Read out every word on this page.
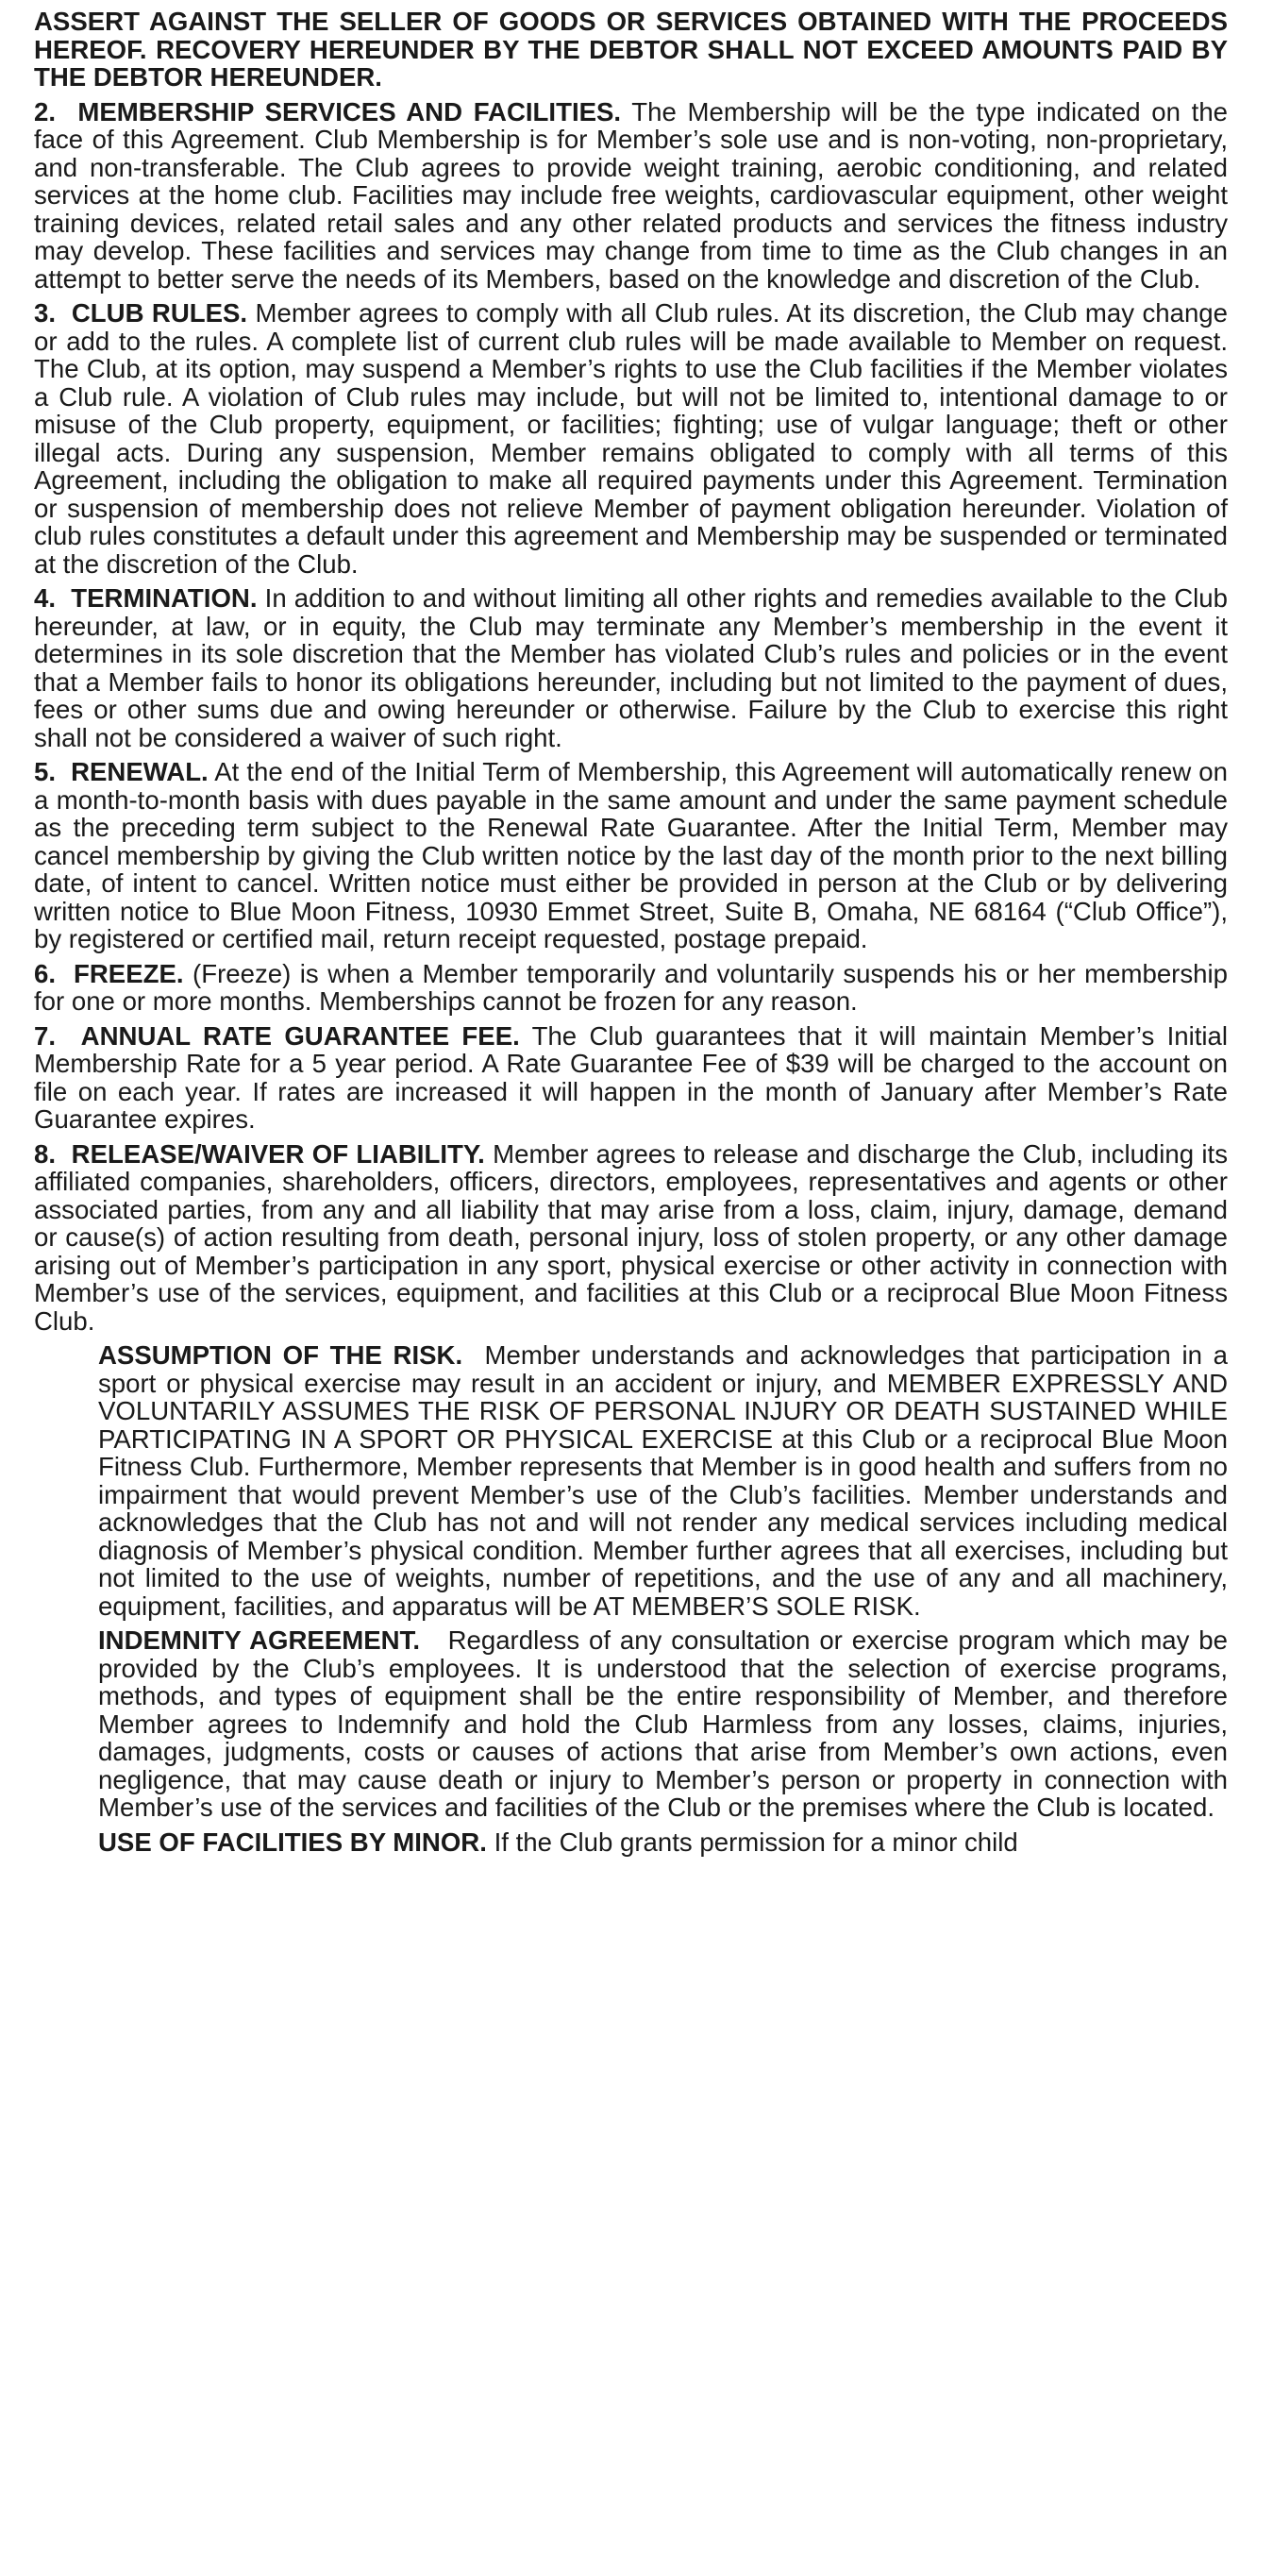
ASSERT AGAINST THE SELLER OF GOODS OR SERVICES OBTAINED WITH THE PROCEEDS HEREOF. RECOVERY HEREUNDER BY THE DEBTOR SHALL NOT EXCEED AMOUNTS PAID BY THE DEBTOR HEREUNDER.

2. MEMBERSHIP SERVICES AND FACILITIES. The Membership will be the type indicated on the face of this Agreement. Club Membership is for Member’s sole use and is non-voting, non-proprietary, and non-transferable. The Club agrees to provide weight training, aerobic conditioning, and related services at the home club. Facilities may include free weights, cardiovascular equipment, other weight training devices, related retail sales and any other related products and services the fitness industry may develop. These facilities and services may change from time to time as the Club changes in an attempt to better serve the needs of its Members, based on the knowledge and discretion of the Club.

3. CLUB RULES. Member agrees to comply with all Club rules. At its discretion, the Club may change or add to the rules. A complete list of current club rules will be made available to Member on request. The Club, at its option, may suspend a Member’s rights to use the Club facilities if the Member violates a Club rule. A violation of Club rules may include, but will not be limited to, intentional damage to or misuse of the Club property, equipment, or facilities; fighting; use of vulgar language; theft or other illegal acts. During any suspension, Member remains obligated to comply with all terms of this Agreement, including the obligation to make all required payments under this Agreement. Termination or suspension of membership does not relieve Member of payment obligation hereunder. Violation of club rules constitutes a default under this agreement and Membership may be suspended or terminated at the discretion of the Club.

4. TERMINATION. In addition to and without limiting all other rights and remedies available to the Club hereunder, at law, or in equity, the Club may terminate any Member’s membership in the event it determines in its sole discretion that the Member has violated Club’s rules and policies or in the event that a Member fails to honor its obligations hereunder, including but not limited to the payment of dues, fees or other sums due and owing hereunder or otherwise. Failure by the Club to exercise this right shall not be considered a waiver of such right.

5. RENEWAL. At the end of the Initial Term of Membership, this Agreement will automatically renew on a month-to-month basis with dues payable in the same amount and under the same payment schedule as the preceding term subject to the Renewal Rate Guarantee. After the Initial Term, Member may cancel membership by giving the Club written notice by the last day of the month prior to the next billing date, of intent to cancel. Written notice must either be provided in person at the Club or by delivering written notice to Blue Moon Fitness, 10930 Emmet Street, Suite B, Omaha, NE 68164 (“Club Office”), by registered or certified mail, return receipt requested, postage prepaid.

6. FREEZE. (Freeze) is when a Member temporarily and voluntarily suspends his or her membership for one or more months. Memberships cannot be frozen for any reason.

7. ANNUAL RATE GUARANTEE FEE. The Club guarantees that it will maintain Member’s Initial Membership Rate for a 5 year period. A Rate Guarantee Fee of $39 will be charged to the account on file on each year. If rates are increased it will happen in the month of January after Member’s Rate Guarantee expires.

8. RELEASE/WAIVER OF LIABILITY. Member agrees to release and discharge the Club, including its affiliated companies, shareholders, officers, directors, employees, representatives and agents or other associated parties, from any and all liability that may arise from a loss, claim, injury, damage, demand or cause(s) of action resulting from death, personal injury, loss of stolen property, or any other damage arising out of Member’s participation in any sport, physical exercise or other activity in connection with Member’s use of the services, equipment, and facilities at this Club or a reciprocal Blue Moon Fitness Club.

ASSUMPTION OF THE RISK. Member understands and acknowledges that participation in a sport or physical exercise may result in an accident or injury, and MEMBER EXPRESSLY AND VOLUNTARILY ASSUMES THE RISK OF PERSONAL INJURY OR DEATH SUSTAINED WHILE PARTICIPATING IN A SPORT OR PHYSICAL EXERCISE at this Club or a reciprocal Blue Moon Fitness Club. Furthermore, Member represents that Member is in good health and suffers from no impairment that would prevent Member’s use of the Club’s facilities. Member understands and acknowledges that the Club has not and will not render any medical services including medical diagnosis of Member’s physical condition. Member further agrees that all exercises, including but not limited to the use of weights, number of repetitions, and the use of any and all machinery, equipment, facilities, and apparatus will be AT MEMBER’S SOLE RISK.

INDEMNITY AGREEMENT. Regardless of any consultation or exercise program which may be provided by the Club’s employees. It is understood that the selection of exercise programs, methods, and types of equipment shall be the entire responsibility of Member, and therefore Member agrees to Indemnify and hold the Club Harmless from any losses, claims, injuries, damages, judgments, costs or causes of actions that arise from Member’s own actions, even negligence, that may cause death or injury to Member’s person or property in connection with Member’s use of the services and facilities of the Club or the premises where the Club is located.

USE OF FACILITIES BY MINOR. If the Club grants permission for a minor child
